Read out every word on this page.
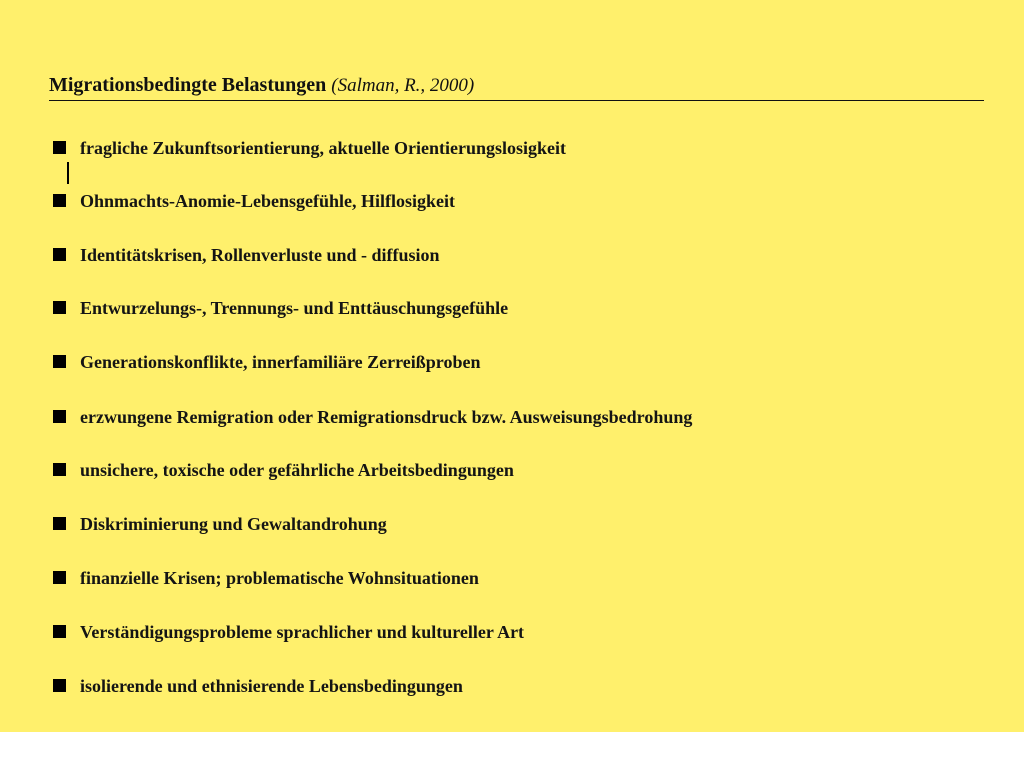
Migrationsbedingte Belastungen (Salman, R., 2000)
fragliche Zukunftsorientierung, aktuelle Orientierungslosigkeit
Ohnmachts-Anomie-Lebensgefühle, Hilflosigkeit
Identitätskrisen, Rollenverluste und - diffusion
Entwurzelungs-, Trennungs- und Enttäuschungsgefühle
Generationskonflikte, innerfamiliäre Zerreißproben
erzwungene Remigration oder Remigrationsdruck bzw. Ausweisungsbedrohung
unsichere, toxische oder gefährliche Arbeitsbedingungen
Diskriminierung und Gewaltandrohung
finanzielle Krisen; problematische Wohnsituationen
Verständigungsprobleme sprachlicher und kultureller Art
isolierende und ethnisierende Lebensbedingungen
